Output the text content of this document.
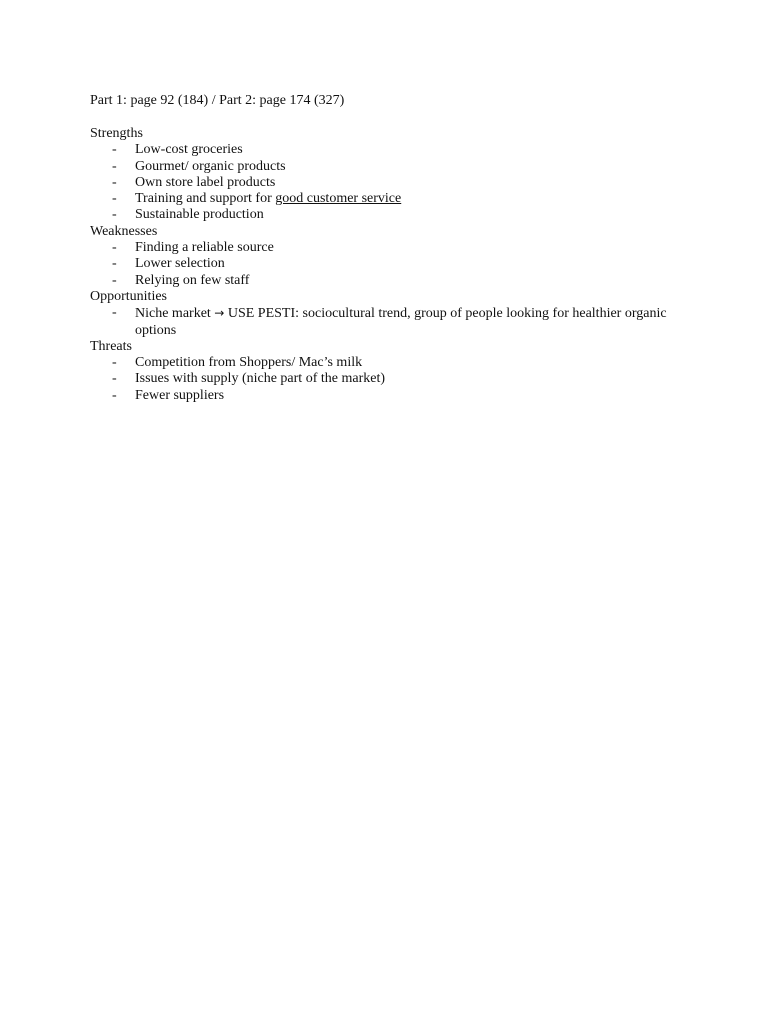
Part 1: page 92 (184) / Part 2: page 174 (327)
Strengths
- Low-cost groceries
- Gourmet/ organic products
- Own store label products
- Training and support for good customer service
- Sustainable production
Weaknesses
- Finding a reliable source
- Lower selection
- Relying on few staff
Opportunities
- Niche market → USE PESTI: sociocultural trend, group of people looking for healthier organic options
Threats
- Competition from Shoppers/ Mac’s milk
- Issues with supply (niche part of the market)
- Fewer suppliers
